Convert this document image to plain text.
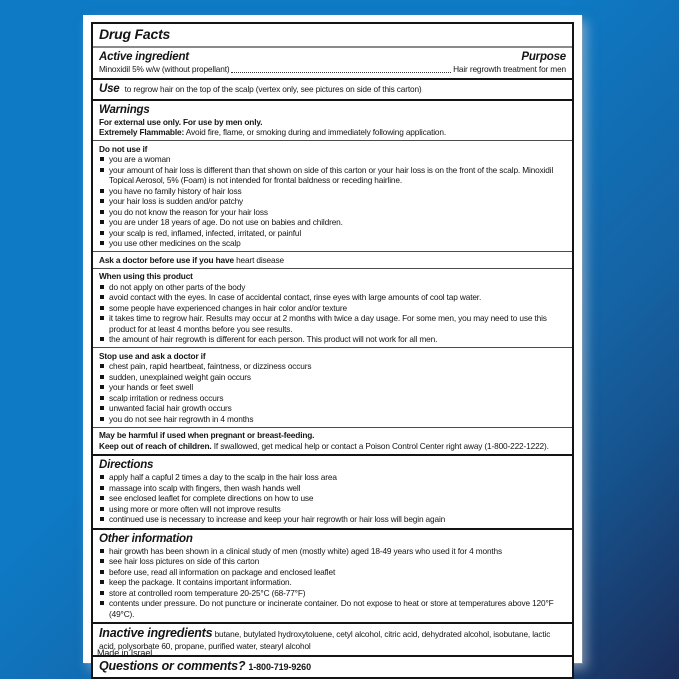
Drug Facts
Active ingredient	Purpose
Minoxidil 5% w/w (without propellant)	Hair regrowth treatment for men
Use to regrow hair on the top of the scalp (vertex only, see pictures on side of this carton)
Warnings
For external use only. For use by men only.
Extremely Flammable: Avoid fire, flame, or smoking during and immediately following application.
Do not use if
you are a woman
your amount of hair loss is different than that shown on side of this carton or your hair loss is on the front of the scalp. Minoxidil Topical Aerosol, 5% (Foam) is not intended for frontal baldness or receding hairline.
you have no family history of hair loss
your hair loss is sudden and/or patchy
you do not know the reason for your hair loss
you are under 18 years of age. Do not use on babies and children.
your scalp is red, inflamed, infected, irritated, or painful
you use other medicines on the scalp
Ask a doctor before use if you have heart disease
When using this product
do not apply on other parts of the body
avoid contact with the eyes. In case of accidental contact, rinse eyes with large amounts of cool tap water.
some people have experienced changes in hair color and/or texture
it takes time to regrow hair. Results may occur at 2 months with twice a day usage. For some men, you may need to use this product for at least 4 months before you see results.
the amount of hair regrowth is different for each person. This product will not work for all men.
Stop use and ask a doctor if
chest pain, rapid heartbeat, faintness, or dizziness occurs
sudden, unexplained weight gain occurs
your hands or feet swell
scalp irritation or redness occurs
unwanted facial hair growth occurs
you do not see hair regrowth in 4 months
May be harmful if used when pregnant or breast-feeding.
Keep out of reach of children. If swallowed, get medical help or contact a Poison Control Center right away (1-800-222-1222).
Directions
apply half a capful 2 times a day to the scalp in the hair loss area
massage into scalp with fingers, then wash hands well
see enclosed leaflet for complete directions on how to use
using more or more often will not improve results
continued use is necessary to increase and keep your hair regrowth or hair loss will begin again
Other information
hair growth has been shown in a clinical study of men (mostly white) aged 18-49 years who used it for 4 months
see hair loss pictures on side of this carton
before use, read all information on package and enclosed leaflet
keep the package. It contains important information.
store at controlled room temperature 20-25°C (68-77°F)
contents under pressure. Do not puncture or incinerate container. Do not expose to heat or store at temperatures above 120°F (49°C).

Inactive ingredients butane, butylated hydroxytoluene, cetyl alcohol, citric acid, dehydrated alcohol, isobutane, lactic acid, polysorbate 60, propane, purified water, stearyl alcohol

Questions or comments? 1-800-719-9260
Made in Israel
